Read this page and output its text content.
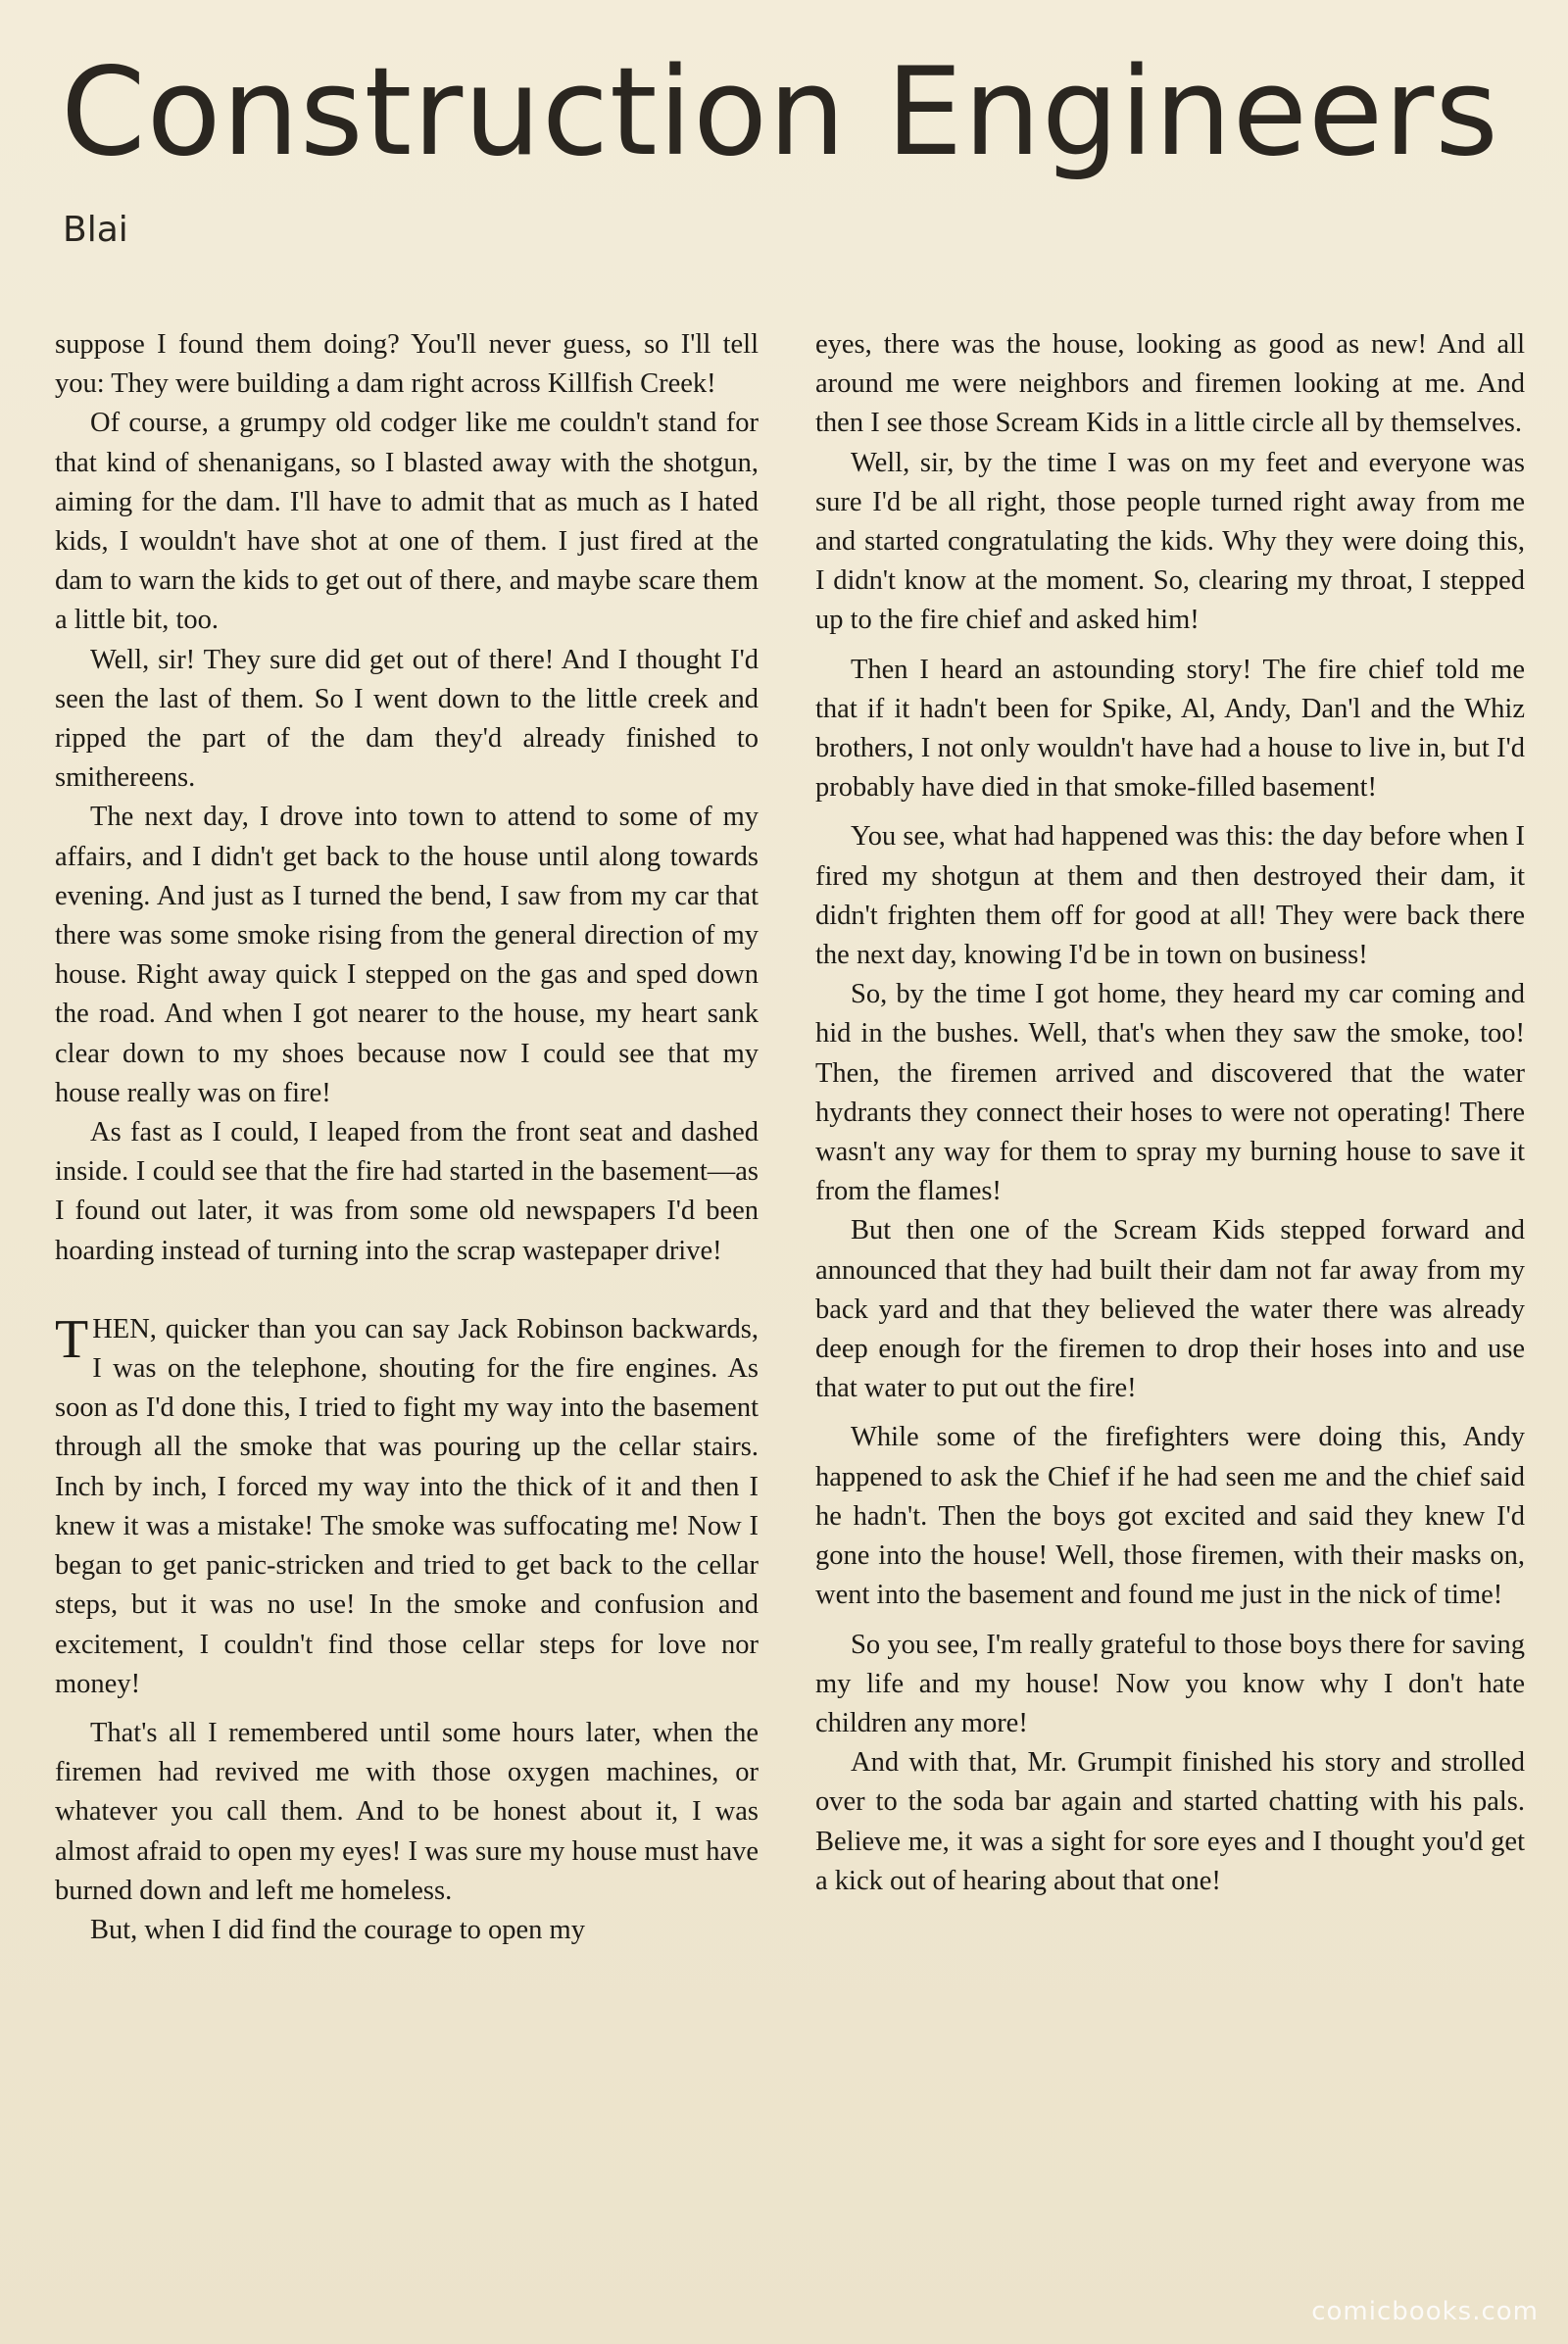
Construction Engineers
Blai

suppose I found them doing? You'll never guess, so I'll tell you: They were building a dam right across Killfish Creek!

Of course, a grumpy old codger like me couldn't stand for that kind of shenanigans, so I blasted away with the shotgun, aiming for the dam. I'll have to admit that as much as I hated kids, I wouldn't have shot at one of them. I just fired at the dam to warn the kids to get out of there, and maybe scare them a little bit, too.

Well, sir! They sure did get out of there! And I thought I'd seen the last of them. So I went down to the little creek and ripped the part of the dam they'd already finished to smithereens.

The next day, I drove into town to attend to some of my affairs, and I didn't get back to the house until along towards evening. And just as I turned the bend, I saw from my car that there was some smoke rising from the general direction of my house. Right away quick I stepped on the gas and sped down the road. And when I got nearer to the house, my heart sank clear down to my shoes because now I could see that my house really was on fire!

As fast as I could, I leaped from the front seat and dashed inside. I could see that the fire had started in the basement—as I found out later, it was from some old newspapers I'd been hoarding instead of turning into the scrap wastepaper drive!

THEN, quicker than you can say Jack Robinson backwards, I was on the telephone, shouting for the fire engines. As soon as I'd done this, I tried to fight my way into the basement through all the smoke that was pouring up the cellar stairs. Inch by inch, I forced my way into the thick of it and then I knew it was a mistake! The smoke was suffocating me! Now I began to get panic-stricken and tried to get back to the cellar steps, but it was no use! In the smoke and confusion and excitement, I couldn't find those cellar steps for love nor money!

That's all I remembered until some hours later, when the firemen had revived me with those oxygen machines, or whatever you call them. And to be honest about it, I was almost afraid to open my eyes! I was sure my house must have burned down and left me homeless.

But, when I did find the courage to open my

eyes, there was the house, looking as good as new! And all around me were neighbors and firemen looking at me. And then I see those Scream Kids in a little circle all by themselves.

Well, sir, by the time I was on my feet and everyone was sure I'd be all right, those people turned right away from me and started congratulating the kids. Why they were doing this, I didn't know at the moment. So, clearing my throat, I stepped up to the fire chief and asked him!

Then I heard an astounding story! The fire chief told me that if it hadn't been for Spike, Al, Andy, Dan'l and the Whiz brothers, I not only wouldn't have had a house to live in, but I'd probably have died in that smoke-filled basement!

You see, what had happened was this: the day before when I fired my shotgun at them and then destroyed their dam, it didn't frighten them off for good at all! They were back there the next day, knowing I'd be in town on business!

So, by the time I got home, they heard my car coming and hid in the bushes. Well, that's when they saw the smoke, too! Then, the firemen arrived and discovered that the water hydrants they connect their hoses to were not operating! There wasn't any way for them to spray my burning house to save it from the flames!

But then one of the Scream Kids stepped forward and announced that they had built their dam not far away from my back yard and that they believed the water there was already deep enough for the firemen to drop their hoses into and use that water to put out the fire!

While some of the firefighters were doing this, Andy happened to ask the Chief if he had seen me and the chief said he hadn't. Then the boys got excited and said they knew I'd gone into the house! Well, those firemen, with their masks on, went into the basement and found me just in the nick of time!

So you see, I'm really grateful to those boys there for saving my life and my house! Now you know why I don't hate children any more!

And with that, Mr. Grumpit finished his story and strolled over to the soda bar again and started chatting with his pals. Believe me, it was a sight for sore eyes and I thought you'd get a kick out of hearing about that one!

comicbooks.com
